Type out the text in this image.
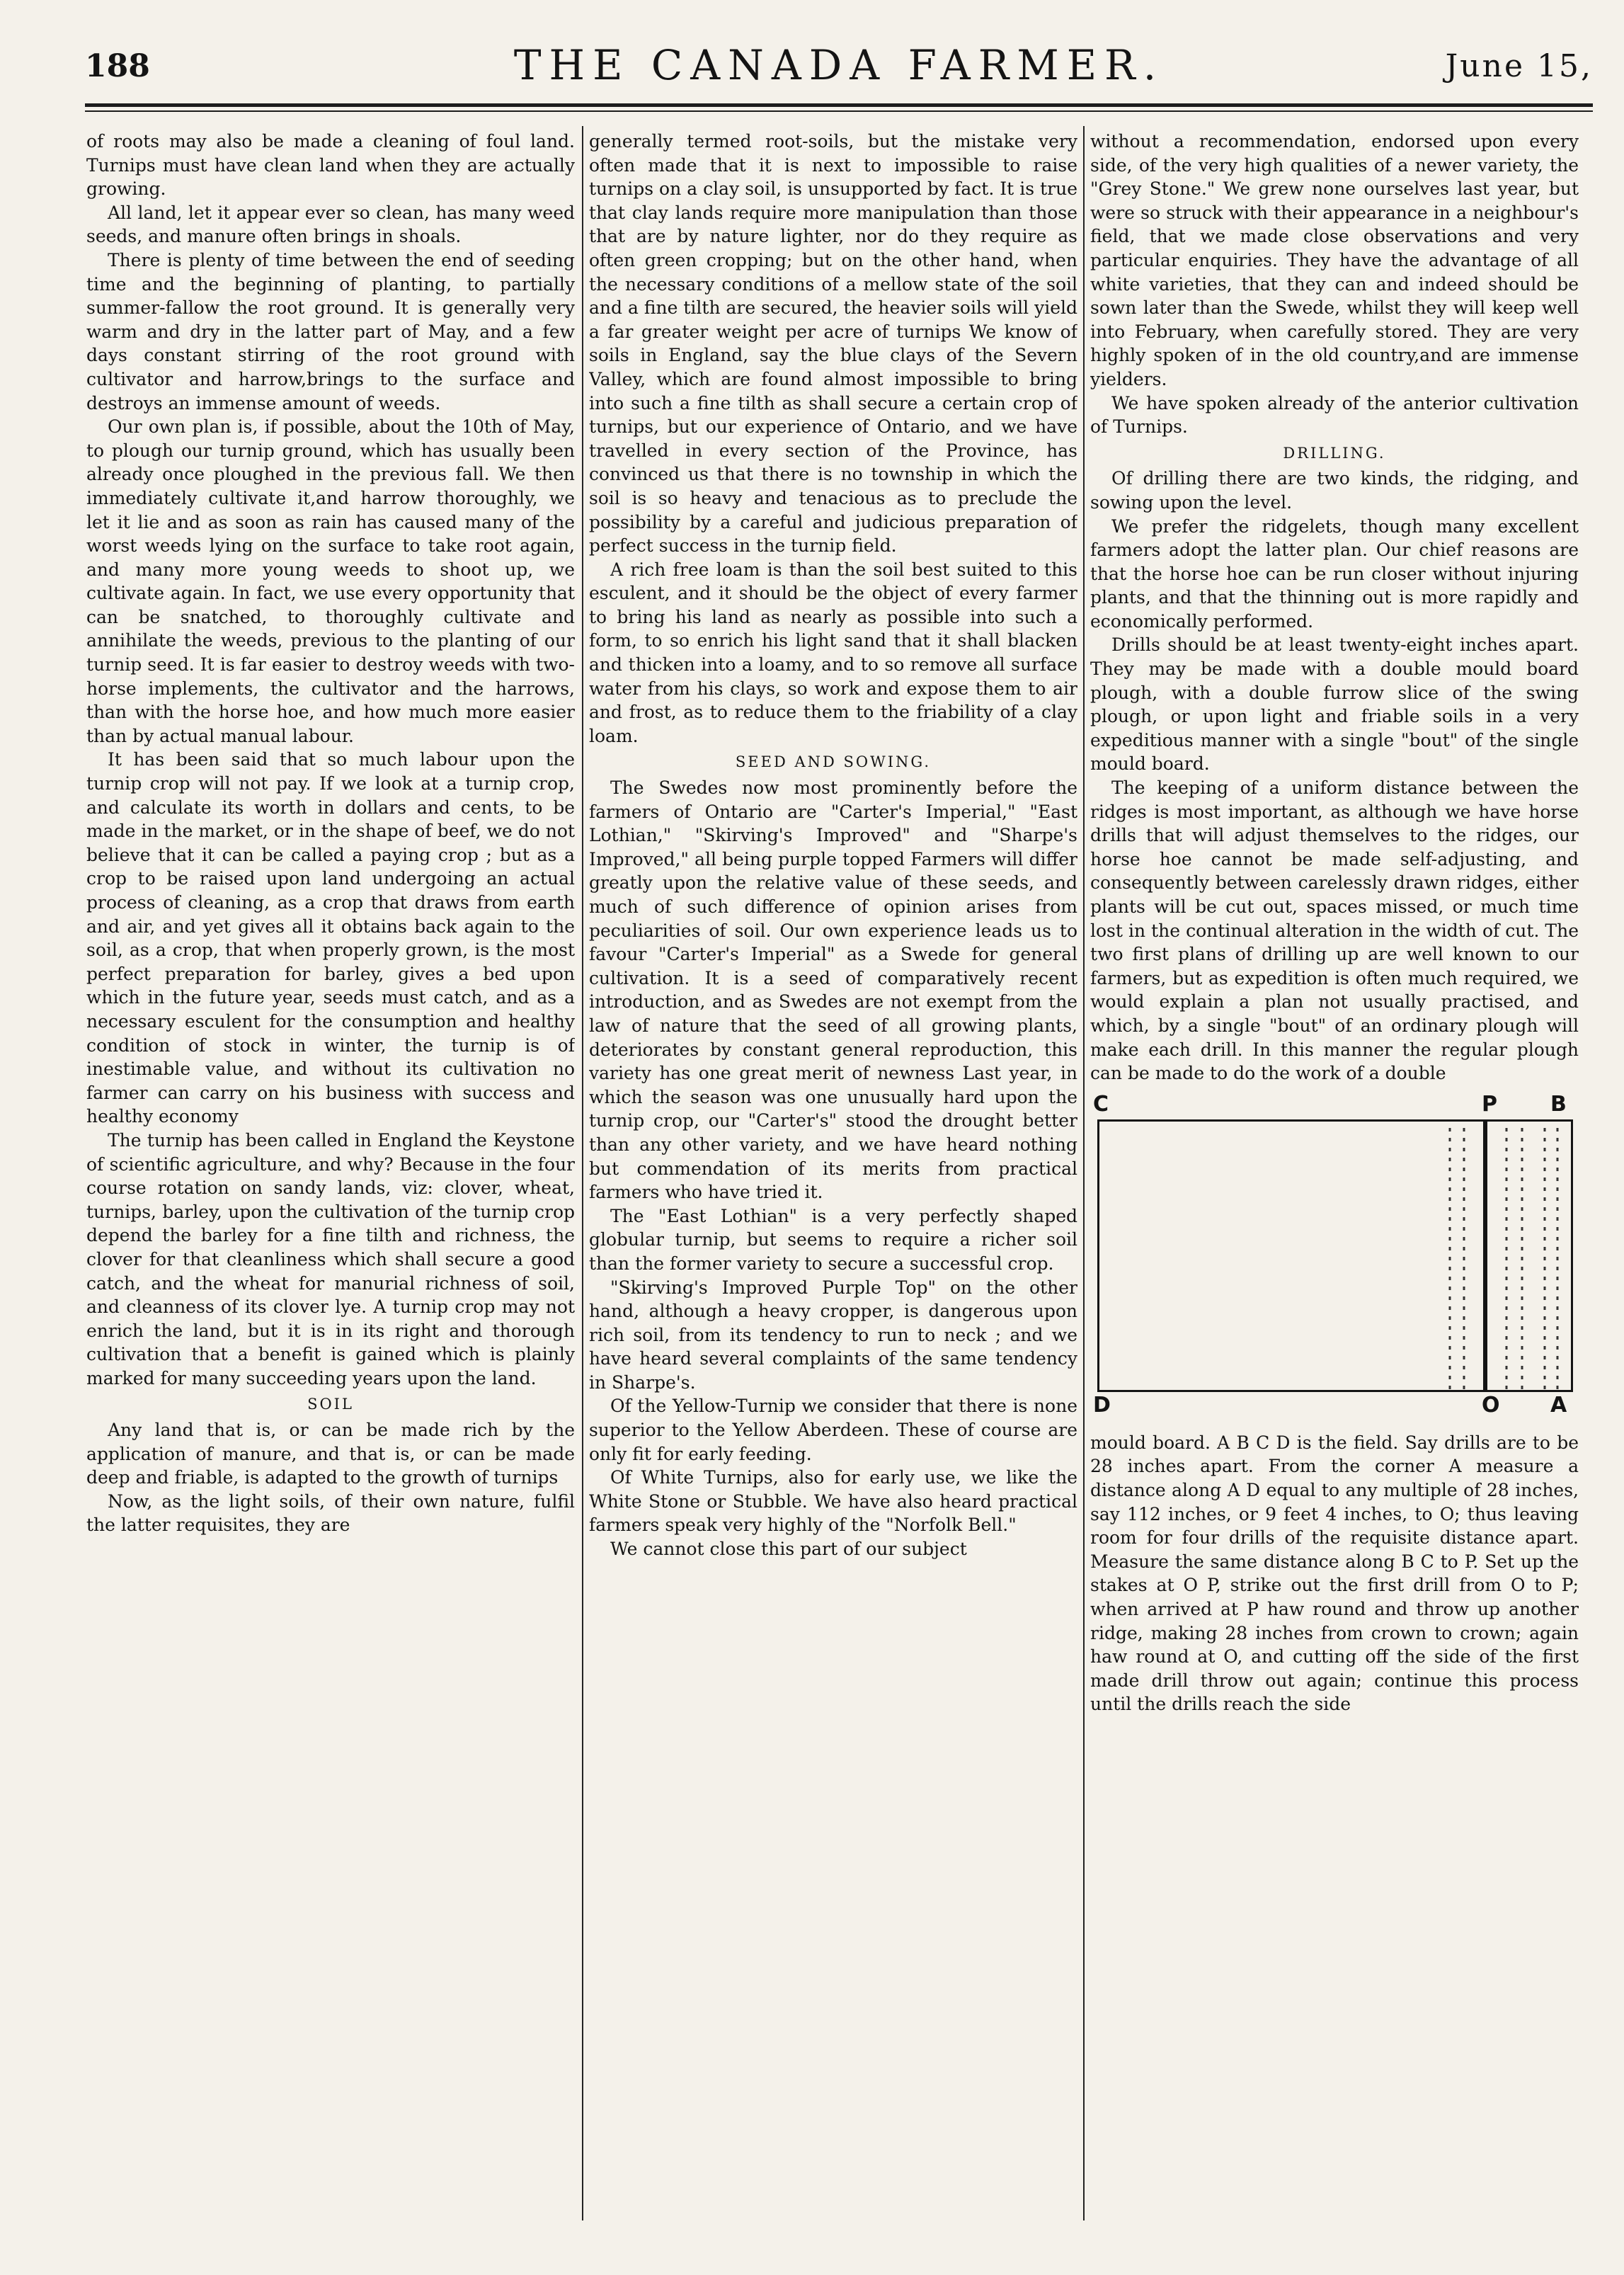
188	THE CANADA FARMER.	June 15,

of roots may also be made a cleaning of foul land. Turnips must have clean land when they are actually growing.

All land, let it appear ever so clean, has many weed seeds, and manure often brings in shoals.

There is plenty of time between the end of seeding time and the beginning of planting, to partially summer-fallow the root ground. It is generally very warm and dry in the latter part of May, and a few days constant stirring of the root ground with cultivator and harrow,brings to the surface and destroys an immense amount of weeds.

Our own plan is, if possible, about the 10th of May, to plough our turnip ground, which has usually been already once ploughed in the previous fall. We then immediately cultivate it,and harrow thoroughly, we let it lie and as soon as rain has caused many of the worst weeds lying on the surface to take root again, and many more young weeds to shoot up, we cultivate again. In fact, we use every opportunity that can be snatched, to thoroughly cultivate and annihilate the weeds, previous to the planting of our turnip seed. It is far easier to destroy weeds with two-horse implements, the cultivator and the harrows, than with the horse hoe, and how much more easier than by actual manual labour.

It has been said that so much labour upon the turnip crop will not pay. If we look at a turnip crop, and calculate its worth in dollars and cents, to be made in the market, or in the shape of beef, we do not believe that it can be called a paying crop ; but as a crop to be raised upon land undergoing an actual process of cleaning, as a crop that draws from earth and air, and yet gives all it obtains back again to the soil, as a crop, that when properly grown, is the most perfect preparation for barley, gives a bed upon which in the future year, seeds must catch, and as a necessary esculent for the consumption and healthy condition of stock in winter, the turnip is of inestimable value, and without its cultivation no farmer can carry on his business with success and healthy economy

The turnip has been called in England the Keystone of scientific agriculture, and why? Because in the four course rotation on sandy lands, viz: clover, wheat, turnips, barley, upon the cultivation of the turnip crop depend the barley for a fine tilth and richness, the clover for that cleanliness which shall secure a good catch, and the wheat for manurial richness of soil, and cleanness of its clover lye. A turnip crop may not enrich the land, but it is in its right and thorough cultivation that a benefit is gained which is plainly marked for many succeeding years upon the land.

SOIL

Any land that is, or can be made rich by the application of manure, and that is, or can be made deep and friable, is adapted to the growth of turnips

Now, as the light soils, of their own nature, fulfil the latter requisites, they are

generally termed root-soils, but the mistake very often made that it is next to impossible to raise turnips on a clay soil, is unsupported by fact. It is true that clay lands require more manipulation than those that are by nature lighter, nor do they require as often green cropping; but on the other hand, when the necessary conditions of a mellow state of the soil and a fine tilth are secured, the heavier soils will yield a far greater weight per acre of turnips We know of soils in England, say the blue clays of the Severn Valley, which are found almost impossible to bring into such a fine tilth as shall secure a certain crop of turnips, but our experience of Ontario, and we have travelled in every section of the Province, has convinced us that there is no township in which the soil is so heavy and tenacious as to preclude the possibility by a careful and judicious preparation of perfect success in the turnip field.

A rich free loam is than the soil best suited to this esculent, and it should be the object of every farmer to bring his land as nearly as possible into such a form, to so enrich his light sand that it shall blacken and thicken into a loamy, and to so remove all surface water from his clays, so work and expose them to air and frost, as to reduce them to the friability of a clay loam.

SEED AND SOWING.

The Swedes now most prominently before the farmers of Ontario are "Carter's Imperial," "East Lothian," "Skirving's Improved" and "Sharpe's Improved," all being purple topped Farmers will differ greatly upon the relative value of these seeds, and much of such difference of opinion arises from peculiarities of soil. Our own experience leads us to favour "Carter's Imperial" as a Swede for general cultivation. It is a seed of comparatively recent introduction, and as Swedes are not exempt from the law of nature that the seed of all growing plants, deteriorates by constant general reproduction, this variety has one great merit of newness Last year, in which the season was one unusually hard upon the turnip crop, our "Carter's" stood the drought better than any other variety, and we have heard nothing but commendation of its merits from practical farmers who have tried it.

The "East Lothian" is a very perfectly shaped globular turnip, but seems to require a richer soil than the former variety to secure a successful crop.

"Skirving's Improved Purple Top" on the other hand, although a heavy cropper, is dangerous upon rich soil, from its tendency to run to neck ; and we have heard several complaints of the same tendency in Sharpe's.

Of the Yellow-Turnip we consider that there is none superior to the Yellow Aberdeen. These of course are only fit for early feeding.

Of White Turnips, also for early use, we like the White Stone or Stubble. We have also heard practical farmers speak very highly of the "Norfolk Bell."

We cannot close this part of our subject

without a recommendation, endorsed upon every side, of the very high qualities of a newer variety, the "Grey Stone." We grew none ourselves last year, but were so struck with their appearance in a neighbour's field, that we made close observations and very particular enquiries. They have the advantage of all white varieties, that they can and indeed should be sown later than the Swede, whilst they will keep well into February, when carefully stored. They are very highly spoken of in the old country,and are immense yielders.

We have spoken already of the anterior cultivation of Turnips.

DRILLING.

Of drilling there are two kinds, the ridging, and sowing upon the level.

We prefer the ridgelets, though many excellent farmers adopt the latter plan. Our chief reasons are that the horse hoe can be run closer without injuring plants, and that the thinning out is more rapidly and economically performed.

Drills should be at least twenty-eight inches apart. They may be made with a double mould board plough, with a double furrow slice of the swing plough, or upon light and friable soils in a very expeditious manner with a single "bout" of the single mould board.

The keeping of a uniform distance between the ridges is most important, as although we have horse drills that will adjust themselves to the ridges, our horse hoe cannot be made self-adjusting, and consequently between carelessly drawn ridges, either plants will be cut out, spaces missed, or much time lost in the continual alteration in the width of cut. The two first plans of drilling up are well known to our farmers, but as expedition is often much required, we would explain a plan not usually practised, and which, by a single "bout" of an ordinary plough will make each drill. In this manner the regular plough can be made to do the work of a double

C	P	B
D	O A

mould board. A B C D is the field. Say drills are to be 28 inches apart. From the corner A measure a distance along A D equal to any multiple of 28 inches, say 112 inches, or 9 feet 4 inches, to O; thus leaving room for four drills of the requisite distance apart. Measure the same distance along B C to P. Set up the stakes at O P, strike out the first drill from O to P; when arrived at P haw round and throw up another ridge, making 28 inches from crown to crown; again haw round at O, and cutting off the side of the first made drill throw out again; continue this process until the drills reach the side
